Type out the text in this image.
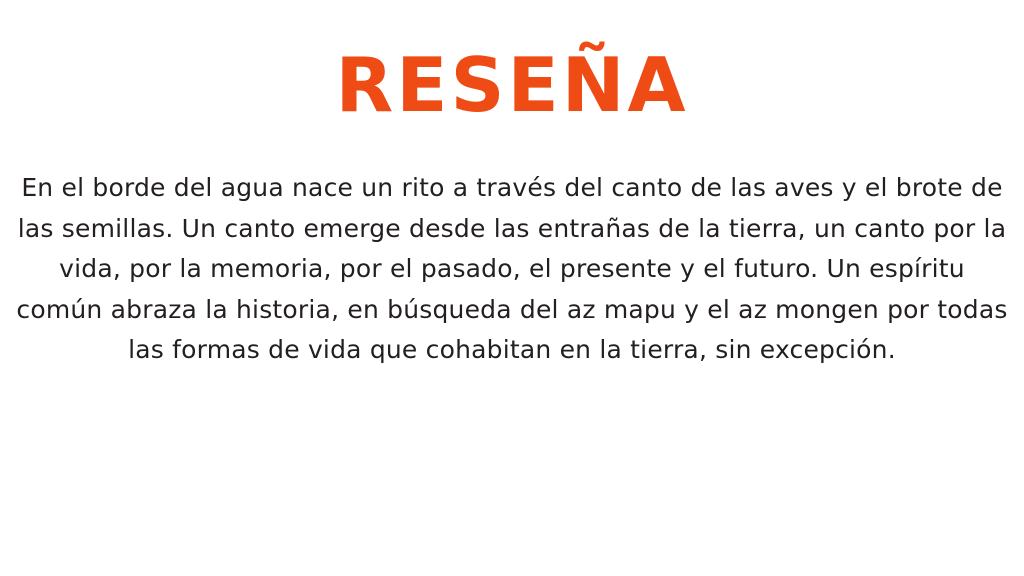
RESEÑA

En el borde del agua nace un rito a través del canto de las aves y el brote de las semillas. Un canto emerge desde las entrañas de la tierra, un canto por la vida, por la memoria, por el pasado, el presente y el futuro. Un espíritu común abraza la historia, en búsqueda del az mapu y el az mongen por todas las formas de vida que cohabitan en la tierra, sin excepción.
